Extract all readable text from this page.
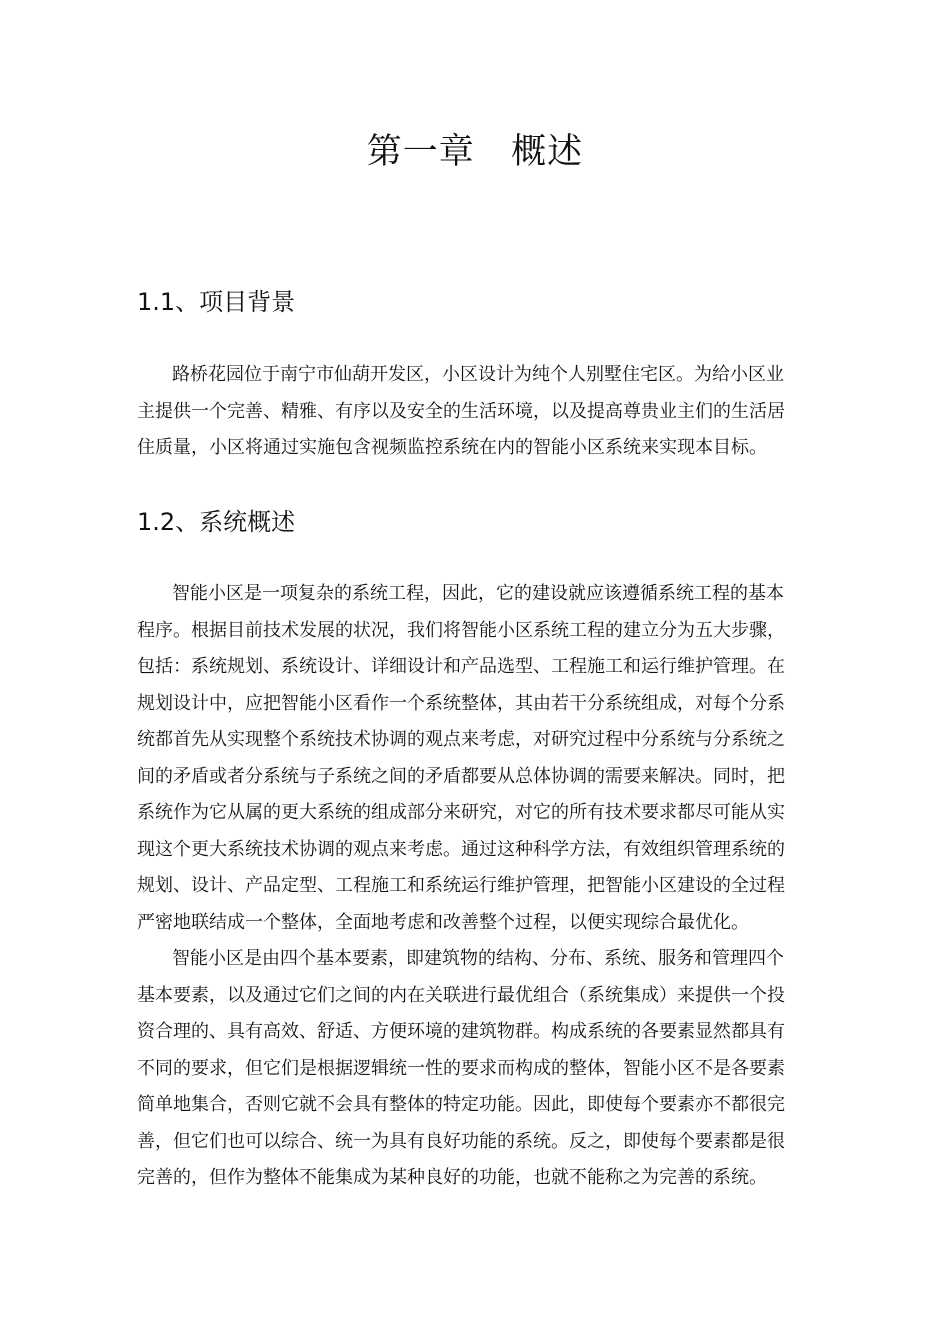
第一章   概述
1.1、项目背景
路桥花园位于南宁市仙葫开发区，小区设计为纯个人别墅住宅区。为给小区业
主提供一个完善、精雅、有序以及安全的生活环境，以及提高尊贵业主们的生活居
住质量，小区将通过实施包含视频监控系统在内的智能小区系统来实现本目标。
1.2、系统概述
智能小区是一项复杂的系统工程，因此，它的建设就应该遵循系统工程的基本
程序。根据目前技术发展的状况，我们将智能小区系统工程的建立分为五大步骤，
包括：系统规划、系统设计、详细设计和产品选型、工程施工和运行维护管理。在
规划设计中，应把智能小区看作一个系统整体，其由若干分系统组成，对每个分系
统都首先从实现整个系统技术协调的观点来考虑，对研究过程中分系统与分系统之
间的矛盾或者分系统与子系统之间的矛盾都要从总体协调的需要来解决。同时，把
系统作为它从属的更大系统的组成部分来研究，对它的所有技术要求都尽可能从实
现这个更大系统技术协调的观点来考虑。通过这种科学方法，有效组织管理系统的
规划、设计、产品定型、工程施工和系统运行维护管理，把智能小区建设的全过程
严密地联结成一个整体，全面地考虑和改善整个过程，以便实现综合最优化。
智能小区是由四个基本要素，即建筑物的结构、分布、系统、服务和管理四个
基本要素，以及通过它们之间的内在关联进行最优组合（系统集成）来提供一个投
资合理的、具有高效、舒适、方便环境的建筑物群。构成系统的各要素显然都具有
不同的要求，但它们是根据逻辑统一性的要求而构成的整体，智能小区不是各要素
简单地集合，否则它就不会具有整体的特定功能。因此，即使每个要素亦不都很完
善，但它们也可以综合、统一为具有良好功能的系统。反之，即使每个要素都是很
完善的，但作为整体不能集成为某种良好的功能，也就不能称之为完善的系统。
